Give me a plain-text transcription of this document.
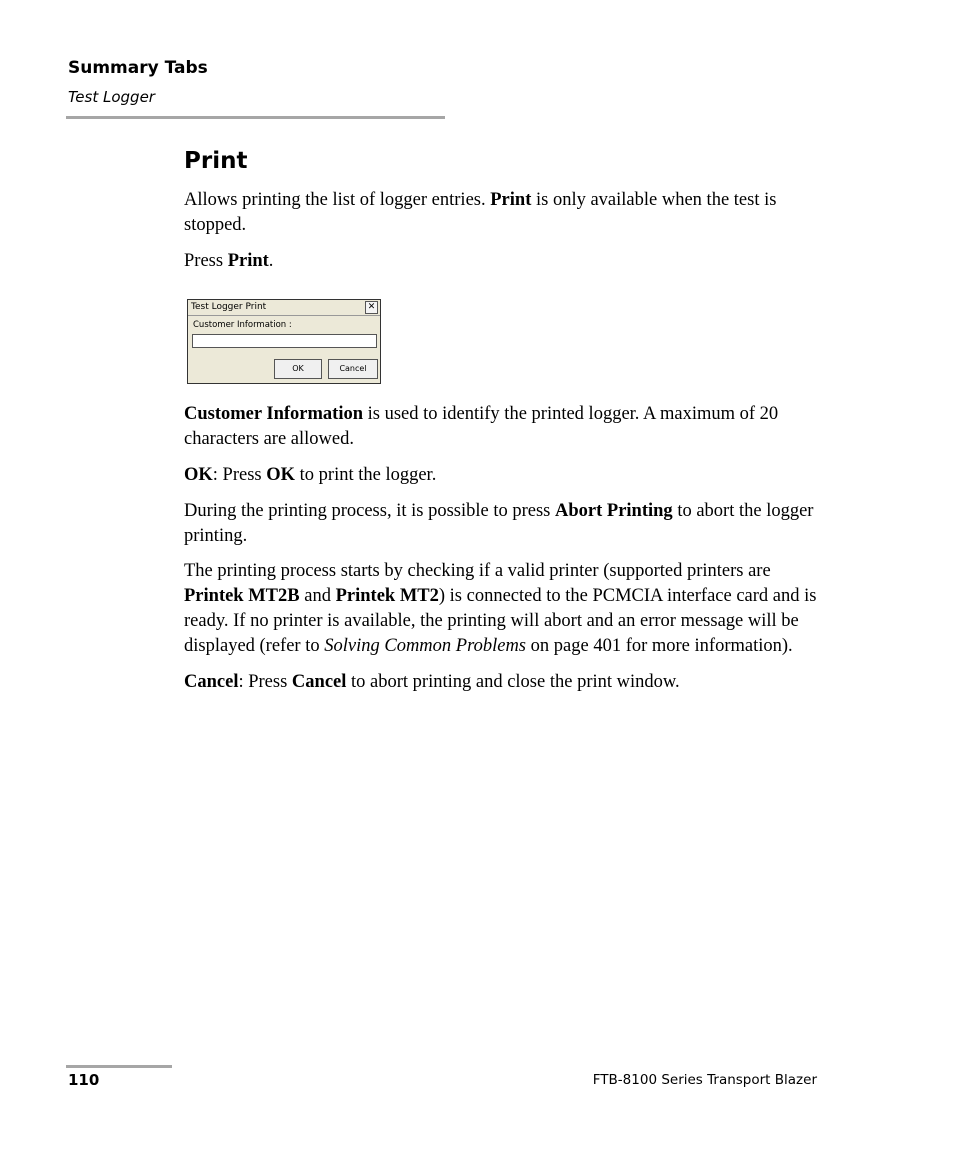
Summary Tabs
Test Logger
Print

Allows printing the list of logger entries. Print is only available when the test is stopped.

Press Print.

Test Logger Print	✕
Customer Information :
OK	Cancel

Customer Information is used to identify the printed logger. A maximum of 20 characters are allowed.

OK: Press OK to print the logger.

During the printing process, it is possible to press Abort Printing to abort the logger printing.

The printing process starts by checking if a valid printer (supported printers are Printek MT2B and Printek MT2) is connected to the PCMCIA interface card and is ready. If no printer is available, the printing will abort and an error message will be displayed (refer to Solving Common Problems on page 401 for more information).

Cancel: Press Cancel to abort printing and close the print window.

110	FTB-8100 Series Transport Blazer
